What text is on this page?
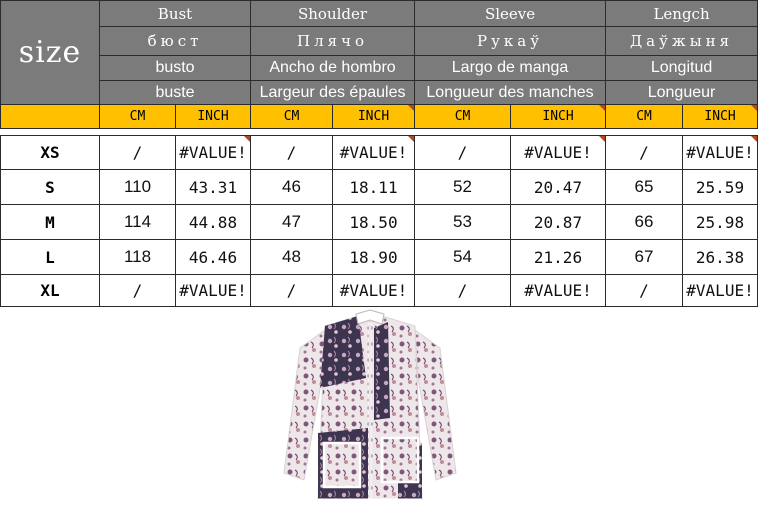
size	Bust		Shoulder		Sleeve		Lengch	
	бюст		Плячо		Рукаў		Даўжыня	
	busto		Ancho de hombro		Largo de manga		Longitud	
	buste		Largeur des épaules		Longueur des manches		Longueur	
	CM	INCH	CM	INCH	CM	INCH	CM	INCH
XS	/	#VALUE!	/	#VALUE!	/	#VALUE!	/	#VALUE!

S	110	43.31	46	18.11	52	20.47	65	25.59
M	114	44.88	47	18.50	53	20.87	66	25.98
L	118	46.46	48	18.90	54	21.26	67	26.38
XL	/	#VALUE!	/	#VALUE!	/	#VALUE!	/	#VALUE!
